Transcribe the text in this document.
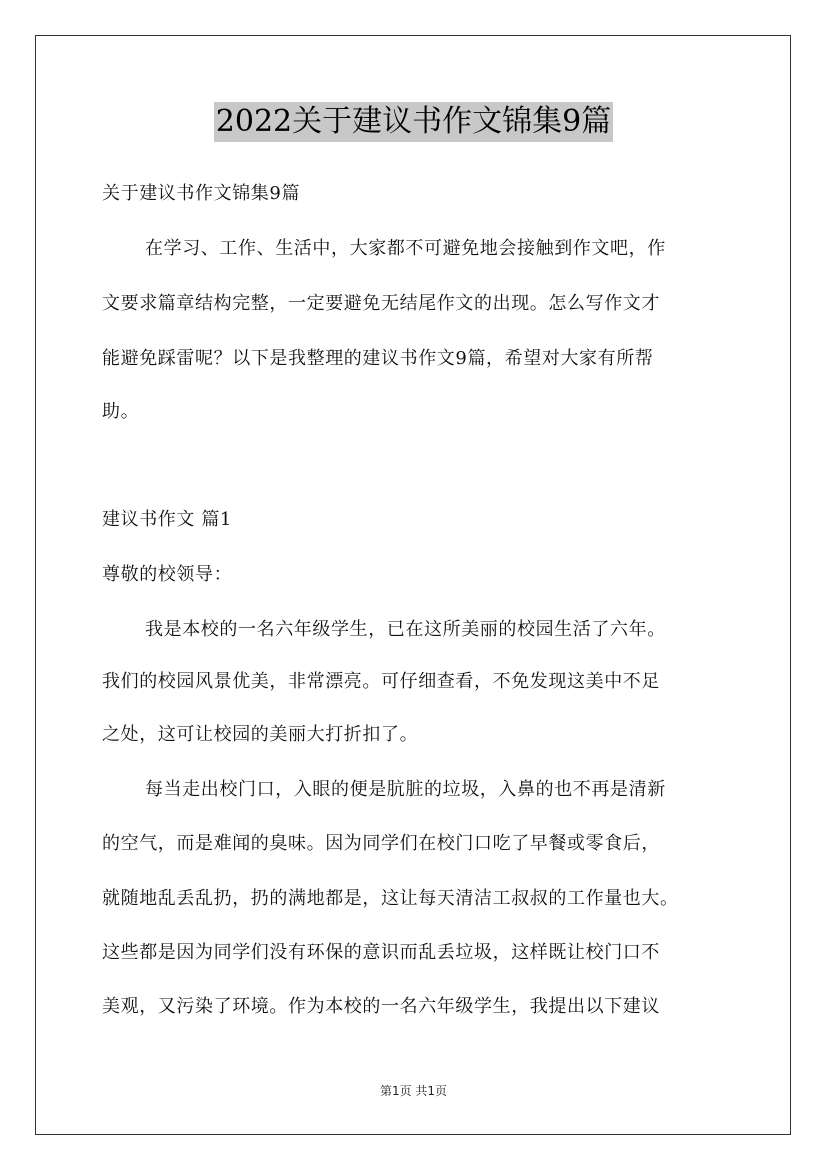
2022关于建议书作文锦集9篇
关于建议书作文锦集9篇
在学习、工作、生活中，大家都不可避免地会接触到作文吧，作
文要求篇章结构完整，一定要避免无结尾作文的出现。怎么写作文才
能避免踩雷呢？以下是我整理的建议书作文9篇，希望对大家有所帮
助。
建议书作文 篇1
尊敬的校领导：
我是本校的一名六年级学生，已在这所美丽的校园生活了六年。
我们的校园风景优美，非常漂亮。可仔细查看，不免发现这美中不足
之处，这可让校园的美丽大打折扣了。
每当走出校门口，入眼的便是肮脏的垃圾，入鼻的也不再是清新
的空气，而是难闻的臭味。因为同学们在校门口吃了早餐或零食后，
就随地乱丢乱扔，扔的满地都是，这让每天清洁工叔叔的工作量也大。
这些都是因为同学们没有环保的意识而乱丢垃圾，这样既让校门口不
美观，又污染了环境。作为本校的一名六年级学生，我提出以下建议
第1页 共1页
